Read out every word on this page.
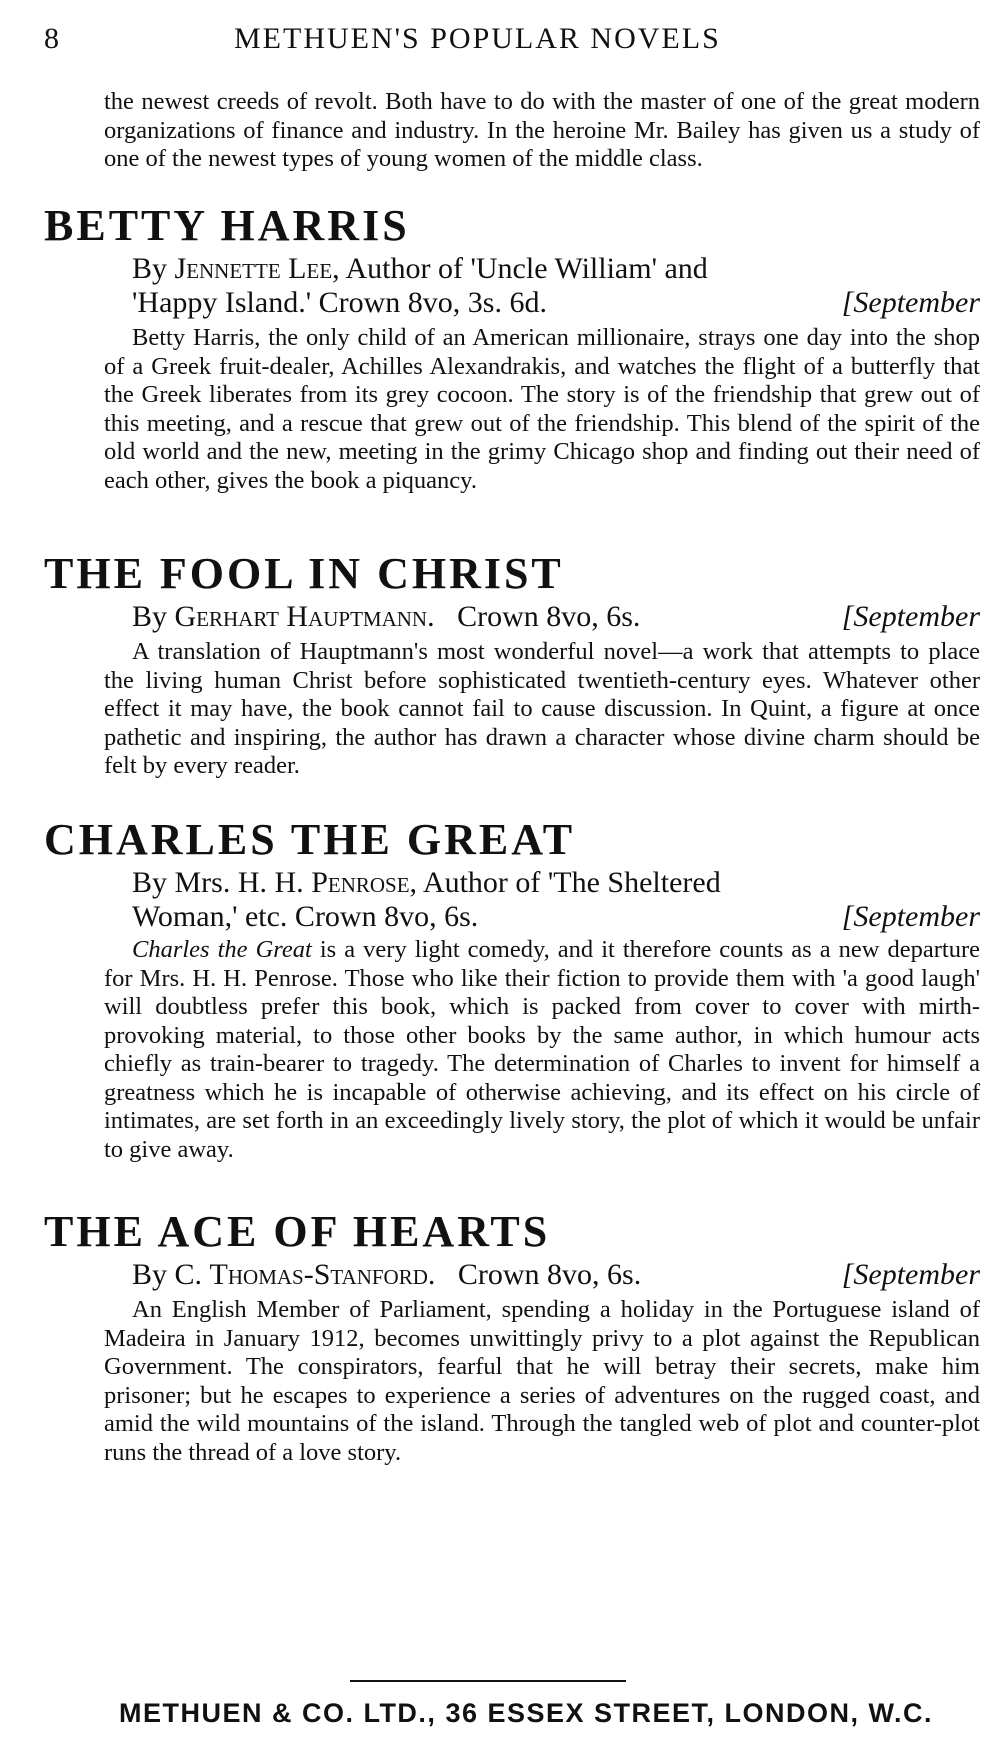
8	METHUEN'S POPULAR NOVELS

the newest creeds of revolt. Both have to do with the master of one of the great modern organizations of finance and industry. In the heroine Mr. Bailey has given us a study of one of the newest types of young women of the middle class.

BETTY HARRIS
By Jennette Lee, Author of 'Uncle William' and
'Happy Island.' Crown 8vo, 3s. 6d.	[September

Betty Harris, the only child of an American millionaire, strays one day into the shop of a Greek fruit-dealer, Achilles Alexandrakis, and watches the flight of a butterfly that the Greek liberates from its grey cocoon. The story is of the friendship that grew out of this meeting, and a rescue that grew out of the friendship. This blend of the spirit of the old world and the new, meeting in the grimy Chicago shop and finding out their need of each other, gives the book a piquancy.

THE FOOL IN CHRIST
By Gerhart Hauptmann. Crown 8vo, 6s.	[September

A translation of Hauptmann's most wonderful novel—a work that attempts to place the living human Christ before sophisticated twentieth-century eyes. Whatever other effect it may have, the book cannot fail to cause discussion. In Quint, a figure at once pathetic and inspiring, the author has drawn a character whose divine charm should be felt by every reader.

CHARLES THE GREAT
By Mrs. H. H. Penrose, Author of 'The Sheltered
Woman,' etc. Crown 8vo, 6s.	[September

Charles the Great is a very light comedy, and it therefore counts as a new departure for Mrs. H. H. Penrose. Those who like their fiction to provide them with 'a good laugh' will doubtless prefer this book, which is packed from cover to cover with mirth-provoking material, to those other books by the same author, in which humour acts chiefly as train-bearer to tragedy. The determination of Charles to invent for himself a greatness which he is incapable of otherwise achieving, and its effect on his circle of intimates, are set forth in an exceedingly lively story, the plot of which it would be unfair to give away.

THE ACE OF HEARTS
By C. Thomas-Stanford. Crown 8vo, 6s.	[September

An English Member of Parliament, spending a holiday in the Portuguese island of Madeira in January 1912, becomes unwittingly privy to a plot against the Republican Government. The conspirators, fearful that he will betray their secrets, make him prisoner; but he escapes to experience a series of adventures on the rugged coast, and amid the wild mountains of the island. Through the tangled web of plot and counter-plot runs the thread of a love story.

METHUEN & CO. LTD., 36 ESSEX STREET, LONDON, W.C.
